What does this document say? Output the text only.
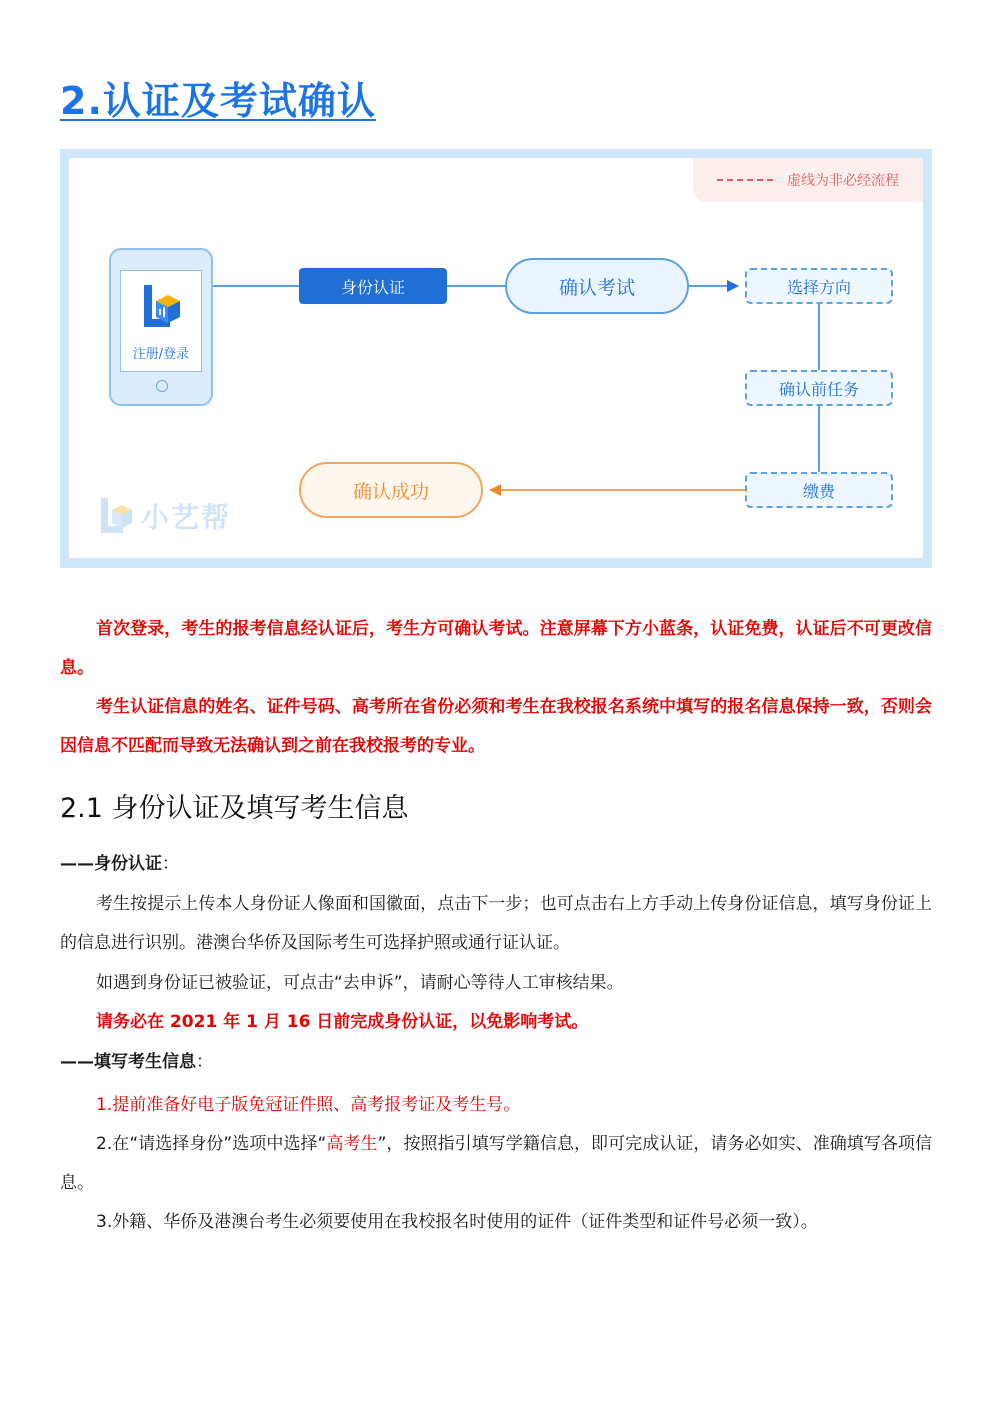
2.认证及考试确认
虚线为非必经流程
注册/登录
身份认证	确认考试	选择方向
确认前任务
缴费
确认成功
小艺帮

首次登录，考生的报考信息经认证后，考生方可确认考试。注意屏幕下方小蓝条，认证免费，认证后不可更改信息。

考生认证信息的姓名、证件号码、高考所在省份必须和考生在我校报名系统中填写的报名信息保持一致，否则会因信息不匹配而导致无法确认到之前在我校报考的专业。

2.1 身份认证及填写考生信息

——身份认证：

考生按提示上传本人身份证人像面和国徽面，点击下一步；也可点击右上方手动上传身份证信息，填写身份证上的信息进行识别。港澳台华侨及国际考生可选择护照或通行证认证。

如遇到身份证已被验证，可点击“去申诉”，请耐心等待人工审核结果。

请务必在 2021 年 1 月 16 日前完成身份认证，以免影响考试。

——填写考生信息：

1.提前准备好电子版免冠证件照、高考报考证及考生号。

2.在“请选择身份”选项中选择“高考生”，按照指引填写学籍信息，即可完成认证，请务必如实、准确填写各项信息。

3.外籍、华侨及港澳台考生必须要使用在我校报名时使用的证件（证件类型和证件号必须一致）。
